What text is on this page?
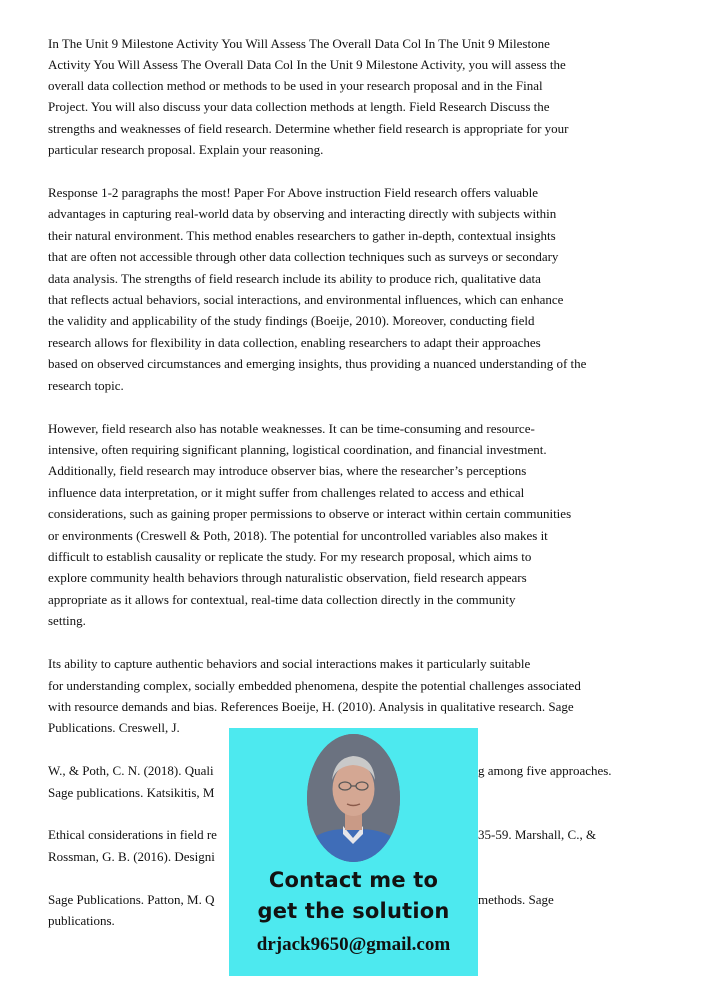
In The Unit 9 Milestone Activity You Will Assess The Overall Data Col In The Unit 9 Milestone
Activity You Will Assess The Overall Data Col In the Unit 9 Milestone Activity, you will assess the
overall data collection method or methods to be used in your research proposal and in the Final
Project. You will also discuss your data collection methods at length. Field Research Discuss the
strengths and weaknesses of field research. Determine whether field research is appropriate for your
particular research proposal. Explain your reasoning.
Response 1-2 paragraphs the most! Paper For Above instruction Field research offers valuable
advantages in capturing real-world data by observing and interacting directly with subjects within
their natural environment. This method enables researchers to gather in-depth, contextual insights
that are often not accessible through other data collection techniques such as surveys or secondary
data analysis. The strengths of field research include its ability to produce rich, qualitative data
that reflects actual behaviors, social interactions, and environmental influences, which can enhance
the validity and applicability of the study findings (Boeije, 2010). Moreover, conducting field
research allows for flexibility in data collection, enabling researchers to adapt their approaches
based on observed circumstances and emerging insights, thus providing a nuanced understanding of the
research topic.
However, field research also has notable weaknesses. It can be time-consuming and resource-
intensive, often requiring significant planning, logistical coordination, and financial investment.
Additionally, field research may introduce observer bias, where the researcher’s perceptions
influence data interpretation, or it might suffer from challenges related to access and ethical
considerations, such as gaining proper permissions to observe or interact within certain communities
or environments (Creswell & Poth, 2018). The potential for uncontrolled variables also makes it
difficult to establish causality or replicate the study. For my research proposal, which aims to
explore community health behaviors through naturalistic observation, field research appears
appropriate as it allows for contextual, real-time data collection directly in the community
setting.
Its ability to capture authentic behaviors and social interactions makes it particularly suitable
for understanding complex, socially embedded phenomena, despite the potential challenges associated
with resource demands and bias. References Boeije, H. (2010). Analysis in qualitative research. Sage
Publications. Creswell, J.
W., & Poth, C. N. (2018). Quali	g among five approaches.
Sage publications. Katsikitis, M
Ethical considerations in field re	35-59. Marshall, C., &
Rossman, G. B. (2016). Designi
Sage Publications. Patton, M. Q	methods. Sage
publications.
Contact me to
get the solution
drjack9650@gmail.com
